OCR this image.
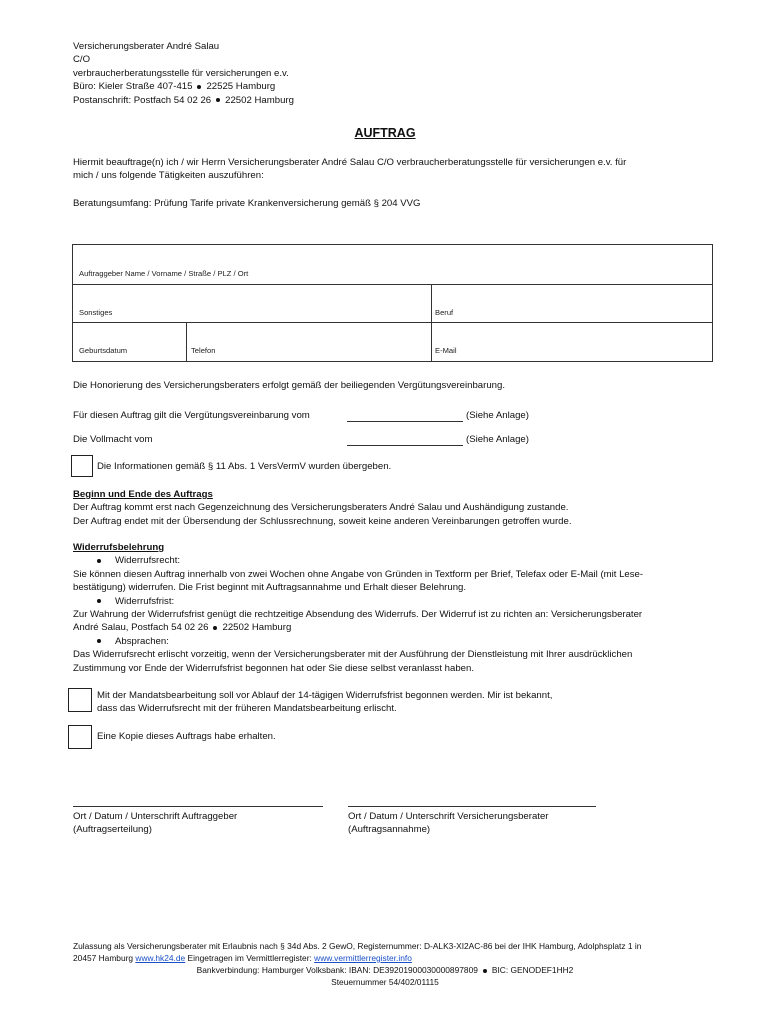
Versicherungsberater André Salau
C/O
verbraucherberatungsstelle für versicherungen e.v.
Büro: Kieler Straße 407-415 22525 Hamburg
Postanschrift: Postfach 54 02 26 22502 Hamburg
AUFTRAG
Hiermit beauftrage(n) ich / wir Herrn Versicherungsberater André Salau C/O verbraucherberatungsstelle für versicherungen e.v. für
mich / uns folgende Tätigkeiten auszuführen:
Beratungsumfang: Prüfung Tarife private Krankenversicherung gemäß § 204 VVG
Auftraggeber Name / Vorname / Straße / PLZ / Ort
Sonstiges	Beruf
Geburtsdatum	Telefon	E-Mail
Die Honorierung des Versicherungsberaters erfolgt gemäß der beiliegenden Vergütungsvereinbarung.
Für diesen Auftrag gilt die Vergütungsvereinbarung vom	(Siehe Anlage)
Die Vollmacht vom	(Siehe Anlage)
Die Informationen gemäß § 11 Abs. 1 VersVermV wurden übergeben.
Beginn und Ende des Auftrags
Der Auftrag kommt erst nach Gegenzeichnung des Versicherungsberaters André Salau und Aushändigung zustande.
Der Auftrag endet mit der Übersendung der Schlussrechnung, soweit keine anderen Vereinbarungen getroffen wurde.
Widerrufsbelehrung
Widerrufsrecht:
Sie können diesen Auftrag innerhalb von zwei Wochen ohne Angabe von Gründen in Textform per Brief, Telefax oder E-Mail (mit Lese-
bestätigung) widerrufen. Die Frist beginnt mit Auftragsannahme und Erhalt dieser Belehrung.
Widerrufsfrist:
Zur Wahrung der Widerrufsfrist genügt die rechtzeitige Absendung des Widerrufs. Der Widerruf ist zu richten an: Versicherungsberater
André Salau, Postfach 54 02 26 22502 Hamburg
Absprachen:
Das Widerrufsrecht erlischt vorzeitig, wenn der Versicherungsberater mit der Ausführung der Dienstleistung mit Ihrer ausdrücklichen
Zustimmung vor Ende der Widerrufsfrist begonnen hat oder Sie diese selbst veranlasst haben.
Mit der Mandatsbearbeitung soll vor Ablauf der 14-tägigen Widerrufsfrist begonnen werden. Mir ist bekannt,
dass das Widerrufsrecht mit der früheren Mandatsbearbeitung erlischt.
Eine Kopie dieses Auftrags habe erhalten.
Ort / Datum / Unterschrift Auftraggeber
(Auftragserteilung)
Ort / Datum / Unterschrift Versicherungsberater
(Auftragsannahme)
Zulassung als Versicherungsberater mit Erlaubnis nach § 34d Abs. 2 GewO, Registernummer: D-ALK3-XI2AC-86 bei der IHK Hamburg, Adolphsplatz 1 in
20457 Hamburg www.hk24.de Eingetragen im Vermittlerregister: www.vermittlerregister.info
Bankverbindung: Hamburger Volksbank: IBAN: DE39201900030000897809 BIC: GENODEF1HH2
Steuernummer 54/402/01115
